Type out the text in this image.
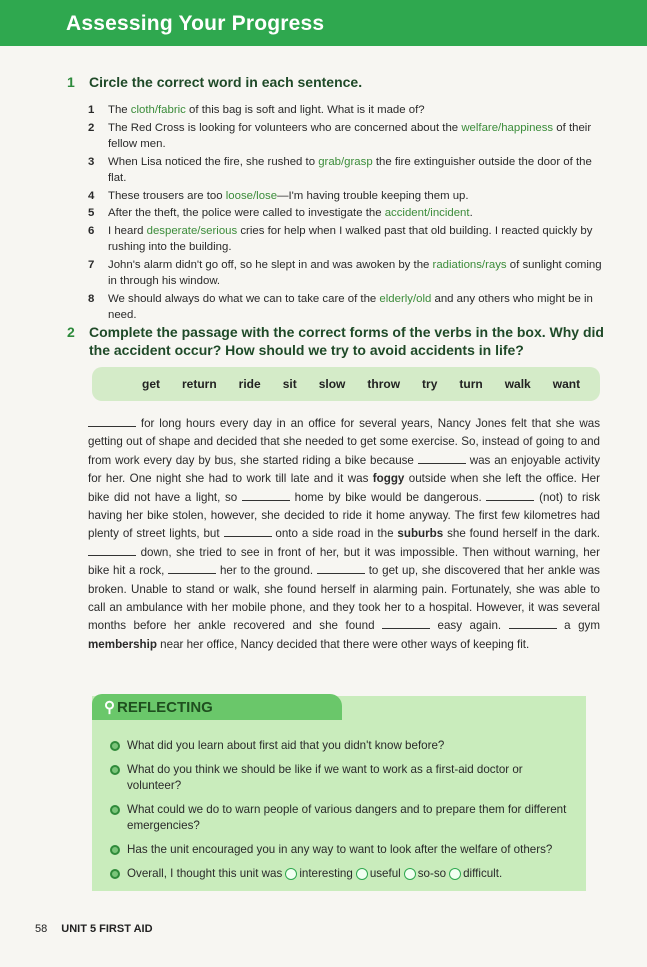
Assessing Your Progress
1 Circle the correct word in each sentence.
1 The cloth/fabric of this bag is soft and light. What is it made of?
2 The Red Cross is looking for volunteers who are concerned about the welfare/happiness of their fellow men.
3 When Lisa noticed the fire, she rushed to grab/grasp the fire extinguisher outside the door of the flat.
4 These trousers are too loose/lose—I'm having trouble keeping them up.
5 After the theft, the police were called to investigate the accident/incident.
6 I heard desperate/serious cries for help when I walked past that old building. I reacted quickly by rushing into the building.
7 John's alarm didn't go off, so he slept in and was awoken by the radiations/rays of sunlight coming in through his window.
8 We should always do what we can to take care of the elderly/old and any others who might be in need.
2 Complete the passage with the correct forms of the verbs in the box. Why did the accident occur? How should we try to avoid accidents in life?
get return ride sit slow throw try turn walk want
for long hours every day in an office for several years, Nancy Jones felt that she was getting out of shape and decided that she needed to get some exercise. So, instead of going to and from work every day by bus, she started riding a bike because	was an enjoyable activity for her. One night she had to work till late and it was foggy outside when she left the office. Her bike did not have a light, so	home by bike would be dangerous.	(not) to risk having her bike stolen, however, she decided to ride it home anyway. The first few kilometres had plenty of street lights, but	onto a side road in the suburbs she found herself in the dark.  down, she tried to see in front of her, but it was impossible. Then without warning, her bike hit a rock,	her to the ground.	to get up, she discovered that her ankle was broken. Unable to stand or walk, she found herself in alarming pain. Fortunately, she was able to call an ambulance with her mobile phone, and they took her to a hospital. However, it was several months before her ankle recovered and she found	easy again.	a gym membership near her office, Nancy decided that there were other ways of keeping fit.
⚲ REFLECTING
What did you learn about first aid that you didn't know before?
What do you think we should be like if we want to work as a first-aid doctor or volunteer?
What could we do to warn people of various dangers and to prepare them for different emergencies?
Has the unit encouraged you in any way to want to look after the welfare of others?
Overall, I thought this unit was interesting useful so-so difficult.
58 UNIT 5 FIRST AID
